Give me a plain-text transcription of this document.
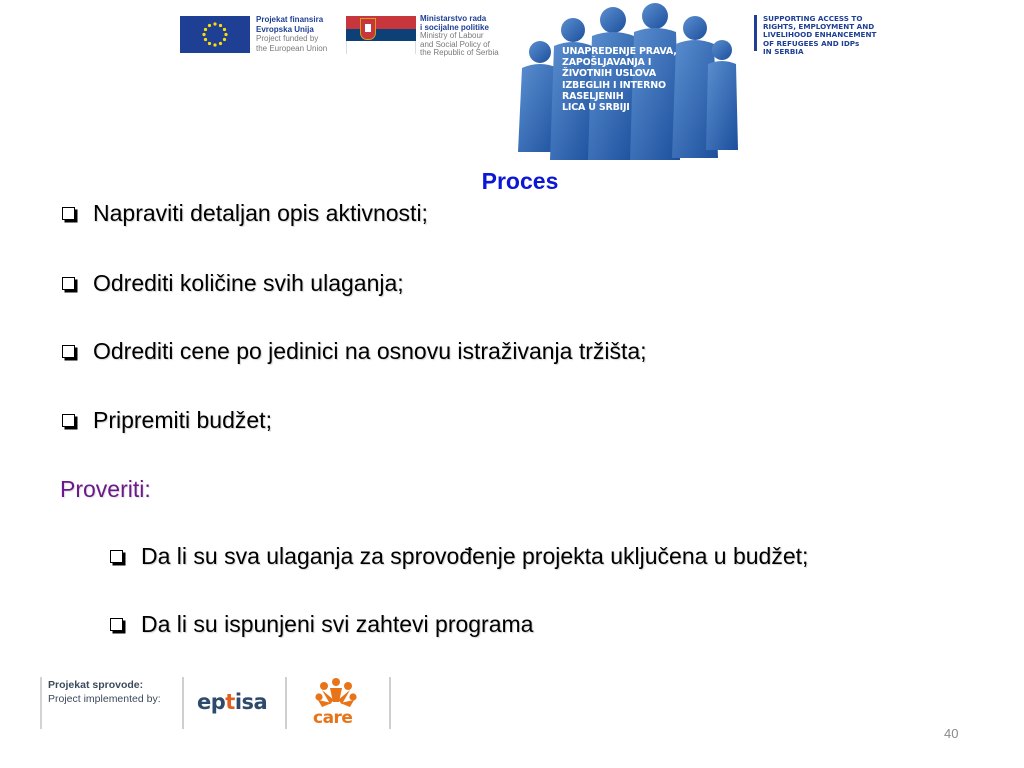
Projekat finansira
Evropska Unija
Project funded by
the European Union
Ministarstvo rada
i socijalne politike
Ministry of Labour
and Social Policy of
the Republic of Serbia	UNAPREDENJE PRAVA,
ZAPOŠLJAVANJA I
ŽIVOTNIH USLOVA
IZBEGLIH I INTERNO
RASELJENIH
LICA U SRBIJI
SUPPORTING ACCESS TO
RIGHTS, EMPLOYMENT AND
LIVELIHOOD ENHANCEMENT
OF REFUGEES AND IDPs
IN SERBIA
Proces
Napraviti detaljan opis aktivnosti;
Odrediti količine svih ulaganja;
Odrediti cene po jedinici na osnovu istraživanja tržišta;
Pripremiti budžet;
Proveriti:
Da li su sva ulaganja za sprovođenje projekta uključena u budžet;
Da li su ispunjeni svi zahtevi programa
Projekat sprovode:
Project implemented by: eptisa
care
40
